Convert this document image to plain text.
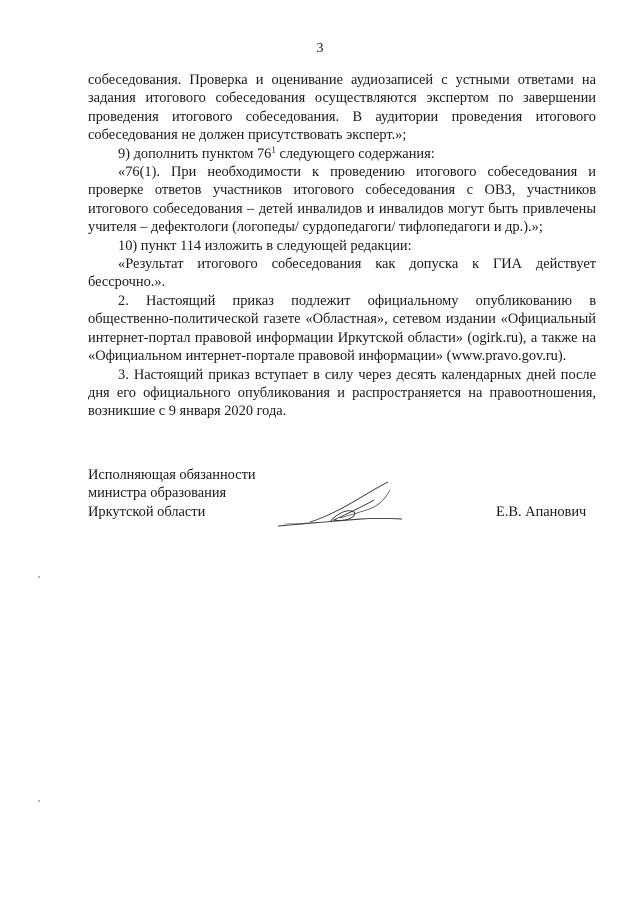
3

собеседования. Проверка и оценивание аудиозаписей с устными ответами на задания итогового собеседования осуществляются экспертом по завершении проведения итогового собеседования. В аудитории проведения итогового собеседования не должен присутствовать эксперт.»;

9) дополнить пунктом $76^1$ следующего содержания:

«76(1). При необходимости к проведению итогового собеседования и проверке ответов участников итогового собеседования с ОВЗ, участников итогового собеседования – детей инвалидов и инвалидов могут быть привлечены учителя – дефектологи (логопеды/ сурдопедагоги/ тифлопедагоги и др.).»;

10) пункт 114 изложить в следующей редакции:

«Результат итогового собеседования как допуска к ГИА действует бессрочно.».

2. Настоящий приказ подлежит официальному опубликованию в общественно-политической газете «Областная», сетевом издании «Официальный интернет-портал правовой информации Иркутской области» (ogirk.ru), а также на «Официальном интернет-портале правовой информации» (www.pravo.gov.ru).

3. Настоящий приказ вступает в силу через десять календарных дней после дня его официального опубликования и распространяется на правоотношения, возникшие с 9 января 2020 года.

Исполняющая обязанности
министра образования
Иркутской области	Е.В. Апанович
